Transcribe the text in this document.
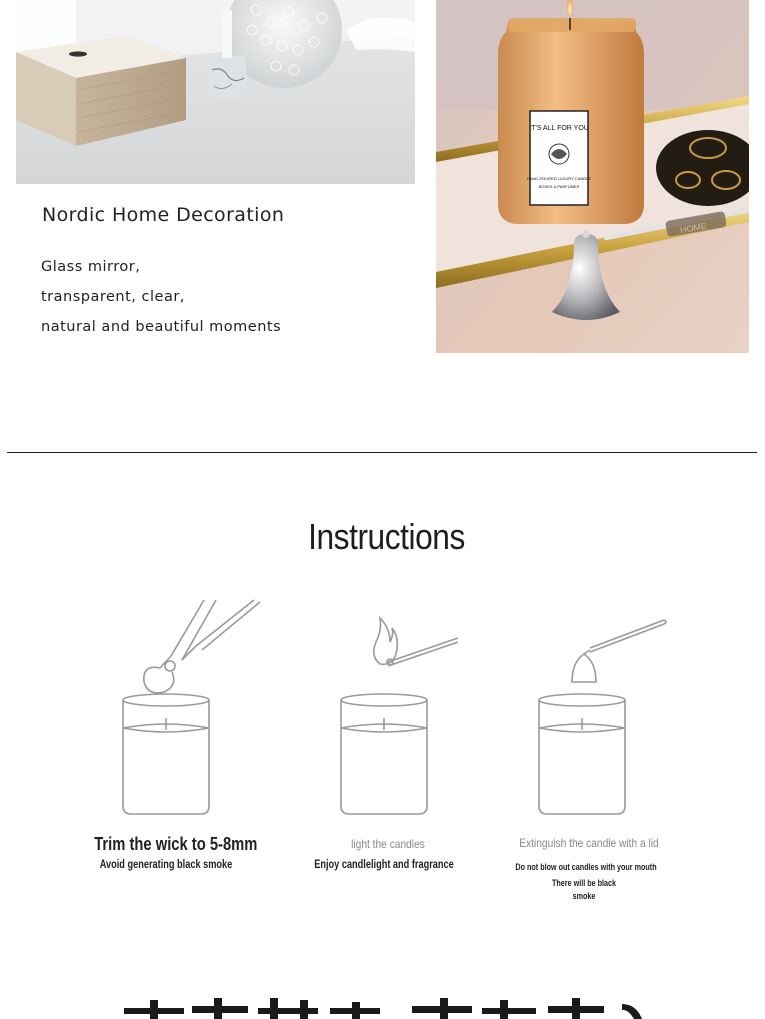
IT'S ALL FOR YOU
HAND-POURED LUXURY CANDLE
BOXES & PARFUMES
HOME
Nordic Home Decoration
Glass mirror,
transparent, clear,
natural and beautiful moments
Instructions
Trim the wick to 5-8mm
Avoid generating black smoke
light the candles
Enjoy candlelight and fragrance
Extinguish the candle with a lid
Do not blow out candles with your mouth
There will be black
smoke
